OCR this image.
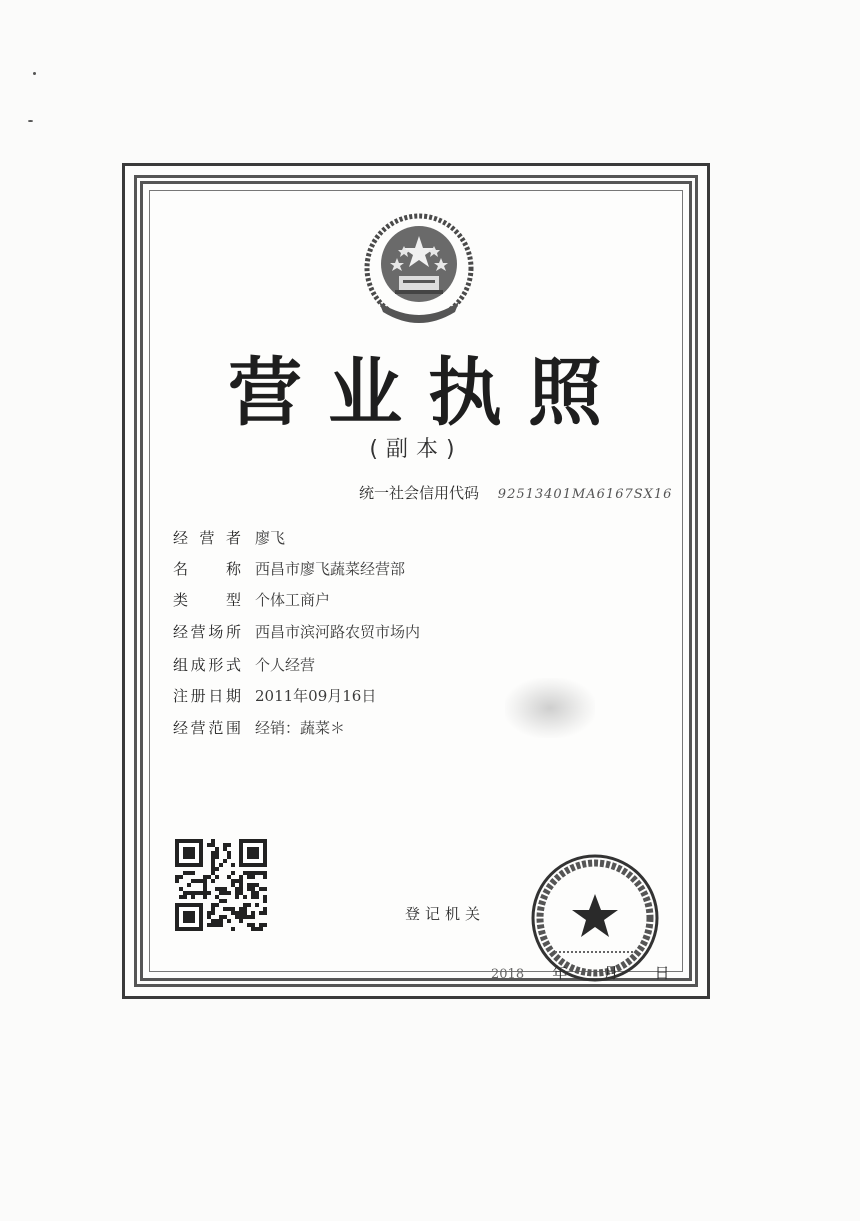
营业执照
(副本)
统一社会信用代码 92513401MA6167SX16
经营者 廖飞
名称 西昌市廖飞蔬菜经营部
类型 个体工商户
经营场所 西昌市滨河路农贸市场内
组成形式 个人经营
注册日期 2011年09月16日
经营范围 经销：蔬菜＊
登记机关
2018 年 月 日
